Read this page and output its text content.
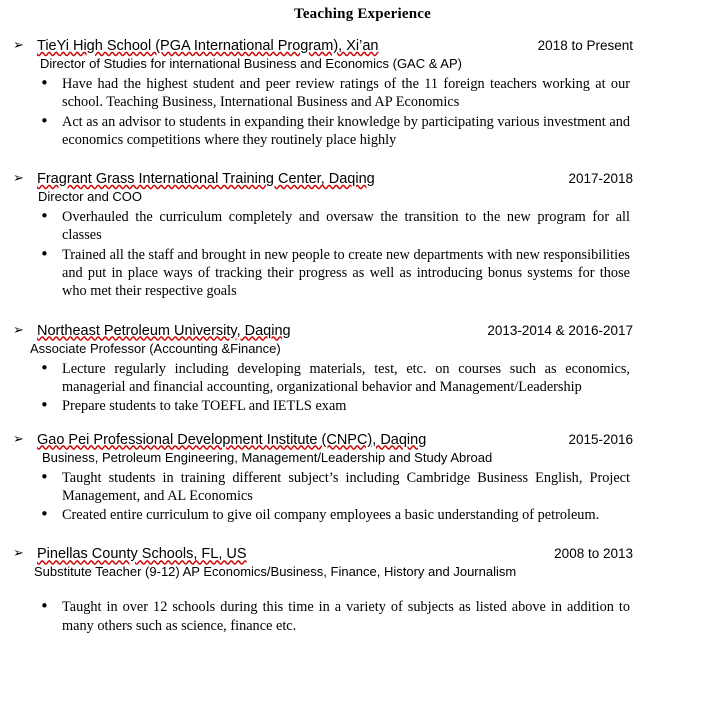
Teaching Experience
➢ TieYi High School (PGA International Program), Xi’an	2018 to Present
Director of Studies for international Business and Economics (GAC & AP)
• Have had the highest student and peer review ratings of the 11 foreign teachers working at our school. Teaching Business, International Business and AP Economics
• Act as an advisor to students in expanding their knowledge by participating various investment and economics competitions where they routinely place highly
➢ Fragrant Grass International Training Center, Daqing	2017-2018
Director and COO
• Overhauled the curriculum completely and oversaw the transition to the new program for all classes
• Trained all the staff and brought in new people to create new departments with new responsibilities and put in place ways of tracking their progress as well as introducing bonus systems for those who met their respective goals
➢ Northeast Petroleum University, Daqing	2013-2014 & 2016-2017
Associate Professor (Accounting &Finance)
• Lecture regularly including developing materials, test, etc. on courses such as economics, managerial and financial accounting, organizational behavior and Management/Leadership
• Prepare students to take TOEFL and IETLS exam
➢ Gao Pei Professional Development Institute (CNPC), Daqing	2015-2016
Business, Petroleum Engineering, Management/Leadership and Study Abroad
• Taught students in training different subject’s including Cambridge Business English, Project Management, and AL Economics
• Created entire curriculum to give oil company employees a basic understanding of petroleum.
➢ Pinellas County Schools, FL, US	2008 to 2013
Substitute Teacher (9-12) AP Economics/Business, Finance, History and Journalism
• Taught in over 12 schools during this time in a variety of subjects as listed above in addition to many others such as science, finance etc.
